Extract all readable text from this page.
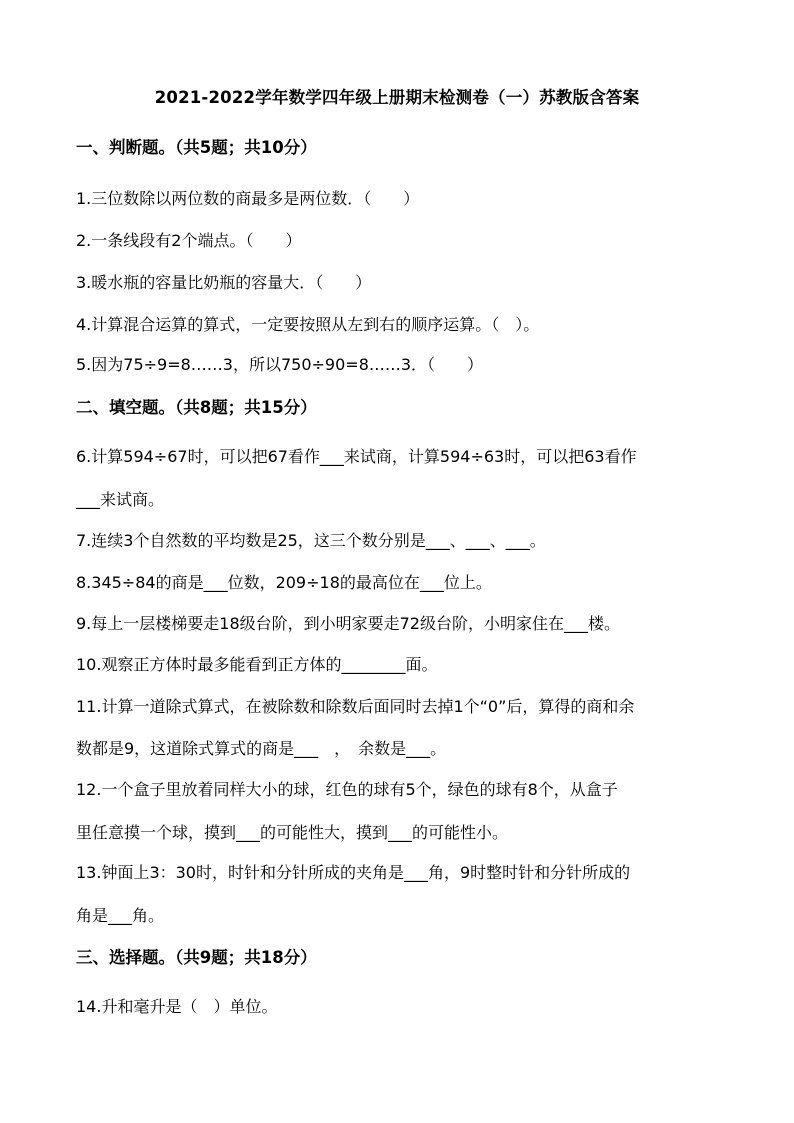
2021-2022学年数学四年级上册期末检测卷（一）苏教版含答案
一、判断题。（共5题；共10分）
1.三位数除以两位数的商最多是两位数．（　　）
2.一条线段有2个端点。（　　）
3.暖水瓶的容量比奶瓶的容量大．（　　）
4.计算混合运算的算式，一定要按照从左到右的顺序运算。（　）。
5.因为75÷9=8……3，所以750÷90=8……3．（　　）
二、填空题。（共8题；共15分）
6.计算594÷67时，可以把67看作___来试商，计算594÷63时，可以把63看作
___来试商。
7.连续3个自然数的平均数是25，这三个数分别是___、___、___。
8.345÷84的商是___位数，209÷18的最高位在___位上。
9.每上一层楼梯要走18级台阶，到小明家要走72级台阶，小明家住在___楼。
10.观察正方体时最多能看到正方体的________面。
11.计算一道除式算式，在被除数和除数后面同时去掉1个“0”后，算得的商和余
数都是9，这道除式算式的商是___　，　余数是___。
12.一个盒子里放着同样大小的球，红色的球有5个，绿色的球有8个，从盒子
里任意摸一个球，摸到___的可能性大，摸到___的可能性小。
13.钟面上3：30时，时针和分针所成的夹角是___角，9时整时针和分针所成的
角是___角。
三、选择题。（共9题；共18分）
14.升和毫升是（　）单位。
